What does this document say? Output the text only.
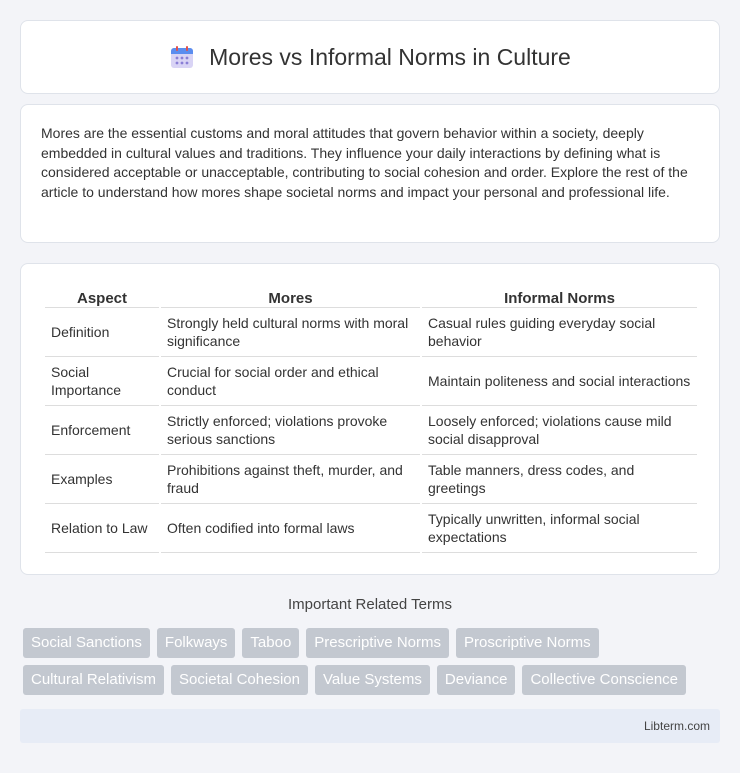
Mores vs Informal Norms in Culture

Mores are the essential customs and moral attitudes that govern behavior within a society, deeply embedded in cultural values and traditions. They influence your daily interactions by defining what is considered acceptable or unacceptable, contributing to social cohesion and order. Explore the rest of the article to understand how mores shape societal norms and impact your personal and professional life.

Aspect	Mores	Informal Norms
Definition	Strongly held cultural norms with moral significance	Casual rules guiding everyday social behavior
Social Importance	Crucial for social order and ethical conduct	Maintain politeness and social interactions
Enforcement	Strictly enforced; violations provoke serious sanctions	Loosely enforced; violations cause mild social disapproval
Examples	Prohibitions against theft, murder, and fraud	Table manners, dress codes, and greetings
Relation to Law	Often codified into formal laws	Typically unwritten, informal social expectations
Important Related Terms
Social Sanctions	Folkways	Taboo	Prescriptive Norms	Proscriptive Norms
Cultural Relativism	Societal Cohesion	Value Systems	Deviance	Collective Conscience
Libterm.com
